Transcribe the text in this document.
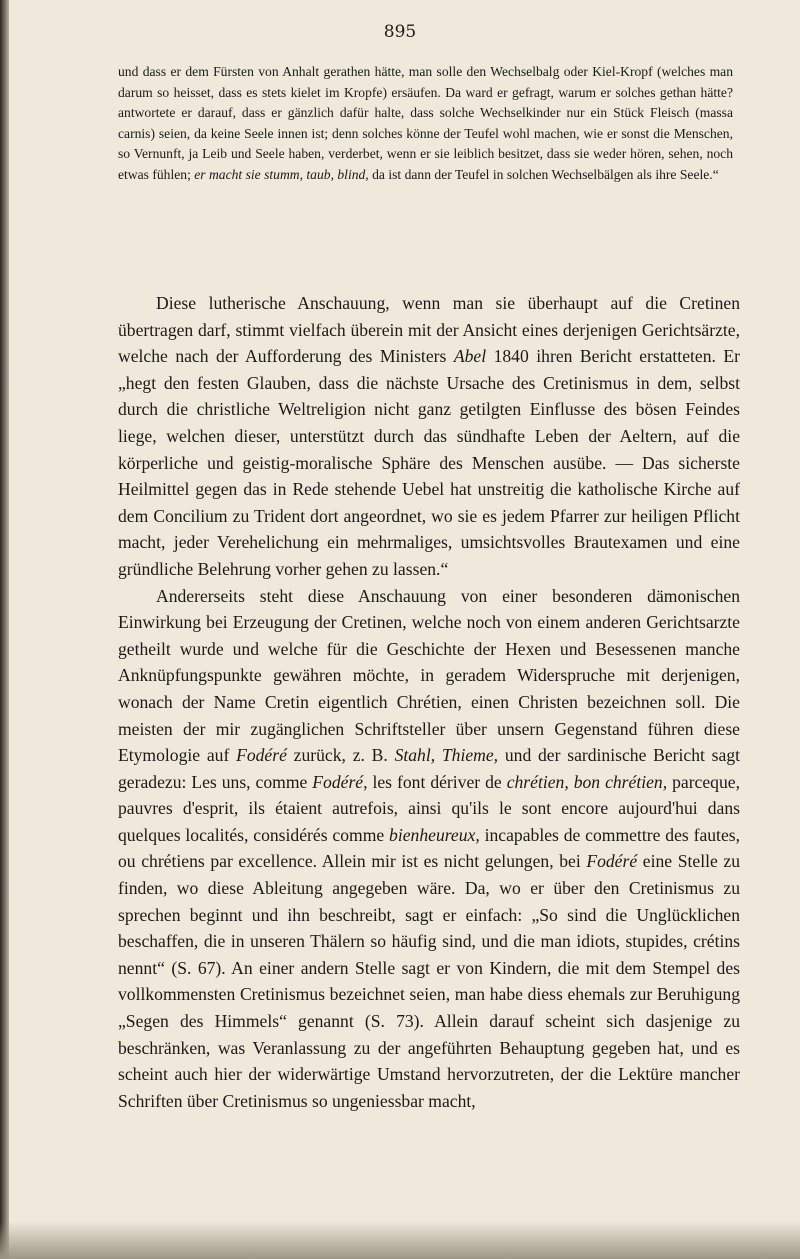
895

und dass er dem Fürsten von Anhalt gerathen hätte, man solle den Wechselbalg oder Kiel-Kropf (welches man darum so heisset, dass es stets kielet im Kropfe) ersäufen. Da ward er gefragt, warum er solches gethan hätte? antwortete er darauf, dass er gänzlich dafür halte, dass solche Wechselkinder nur ein Stück Fleisch (massa carnis) seien, da keine Seele innen ist; denn solches könne der Teufel wohl machen, wie er sonst die Menschen, so Vernunft, ja Leib und Seele haben, verderbet, wenn er sie leiblich besitzet, dass sie weder hören, sehen, noch etwas fühlen; er macht sie stumm, taub, blind, da ist dann der Teufel in solchen Wechselbälgen als ihre Seele.“

Diese lutherische Anschauung, wenn man sie überhaupt auf die Cretinen übertragen darf, stimmt vielfach überein mit der Ansicht eines derjenigen Gerichtsärzte, welche nach der Aufforderung des Ministers Abel 1840 ihren Bericht erstatteten. Er „hegt den festen Glauben, dass die nächste Ursache des Cretinismus in dem, selbst durch die christliche Weltreligion nicht ganz getilgten Einflusse des bösen Feindes liege, welchen dieser, unterstützt durch das sündhafte Leben der Aeltern, auf die körperliche und geistig-moralische Sphäre des Menschen ausübe. — Das sicherste Heilmittel gegen das in Rede stehende Uebel hat unstreitig die katholische Kirche auf dem Concilium zu Trident dort angeordnet, wo sie es jedem Pfarrer zur heiligen Pflicht macht, jeder Verehelichung ein mehrmaliges, umsichtsvolles Brautexamen und eine gründliche Belehrung vorher gehen zu lassen.“

Andererseits steht diese Anschauung von einer besonderen dämonischen Einwirkung bei Erzeugung der Cretinen, welche noch von einem anderen Gerichtsarzte getheilt wurde und welche für die Geschichte der Hexen und Besessenen manche Anknüpfungspunkte gewähren möchte, in geradem Widerspruche mit derjenigen, wonach der Name Cretin eigentlich Chrétien, einen Christen bezeichnen soll. Die meisten der mir zugänglichen Schriftsteller über unsern Gegenstand führen diese Etymologie auf Fodéré zurück, z. B. Stahl, Thieme, und der sardinische Bericht sagt geradezu: Les uns, comme Fodéré, les font dériver de chrétien, bon chrétien, parceque, pauvres d'esprit, ils étaient autrefois, ainsi qu'ils le sont encore aujourd'hui dans quelques localités, considérés comme bienheureux, incapables de commettre des fautes, ou chrétiens par excellence. Allein mir ist es nicht gelungen, bei Fodéré eine Stelle zu finden, wo diese Ableitung angegeben wäre. Da, wo er über den Cretinismus zu sprechen beginnt und ihn beschreibt, sagt er einfach: „So sind die Unglücklichen beschaffen, die in unseren Thälern so häufig sind, und die man idiots, stupides, crétins nennt“ (S. 67). An einer andern Stelle sagt er von Kindern, die mit dem Stempel des vollkommensten Cretinismus bezeichnet seien, man habe diess ehemals zur Beruhigung „Segen des Himmels“ genannt (S. 73). Allein darauf scheint sich dasjenige zu beschränken, was Veranlassung zu der angeführten Behauptung gegeben hat, und es scheint auch hier der widerwärtige Umstand hervorzutreten, der die Lektüre mancher Schriften über Cretinismus so ungeniessbar macht,
